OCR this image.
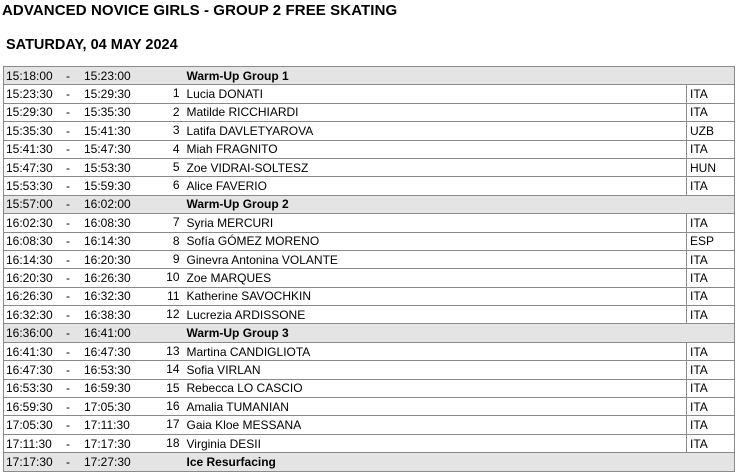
ADVANCED NOVICE GIRLS - GROUP 2 FREE SKATING
SATURDAY, 04 MAY 2024
15:18:00 - 15:23:00	Warm-Up Group 1	
15:23:30 - 15:29:30	1 Lucia DONATI	ITA
15:29:30 - 15:35:30	2 Matilde RICCHIARDI	ITA
15:35:30 - 15:41:30	3 Latifa DAVLETYAROVA	UZB
15:41:30 - 15:47:30	4 Miah FRAGNITO	ITA
15:47:30 - 15:53:30	5 Zoe VIDRAI-SOLTESZ	HUN
15:53:30 - 15:59:30	6 Alice FAVERIO	ITA
15:57:00 - 16:02:00	Warm-Up Group 2	
16:02:30 - 16:08:30	7 Syria MERCURI	ITA
16:08:30 - 16:14:30	8 Sofía GÓMEZ MORENO	ESP
16:14:30 - 16:20:30	9 Ginevra Antonina VOLANTE	ITA
16:20:30 - 16:26:30	10 Zoe MARQUES	ITA
16:26:30 - 16:32:30	11 Katherine SAVOCHKIN	ITA
16:32:30 - 16:38:30	12 Lucrezia ARDISSONE	ITA
16:36:00 - 16:41:00	Warm-Up Group 3	
16:41:30 - 16:47:30	13 Martina CANDIGLIOTA	ITA
16:47:30 - 16:53:30	14 Sofia VIRLAN	ITA
16:53:30 - 16:59:30	15 Rebecca LO CASCIO	ITA
16:59:30 - 17:05:30	16 Amalia TUMANIAN	ITA
17:05:30 - 17:11:30	17 Gaia Kloe MESSANA	ITA
17:11:30 - 17:17:30	18 Virginia DESII	ITA
17:17:30 - 17:27:30	Ice Resurfacing	
